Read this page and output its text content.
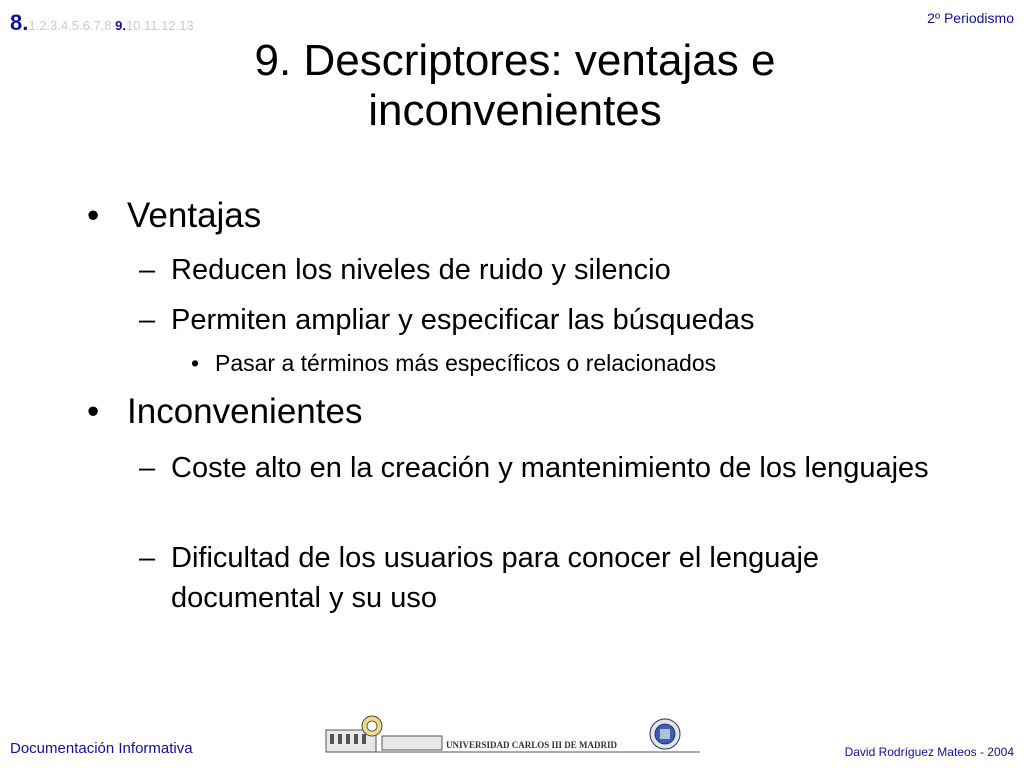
8.1.2.3.4.5.6.7.8 9.10.11.12.13	2º Periodismo
9. Descriptores: ventajas e inconvenientes
• Ventajas
– Reducen los niveles de ruido y silencio
– Permiten ampliar y especificar las búsquedas
• Pasar a términos más específicos o relacionados
• Inconvenientes
– Coste alto en la creación y mantenimiento de los lenguajes
– Dificultad de los usuarios para conocer el lenguaje documental y su uso
Documentación Informativa	UNIVERSIDAD CARLOS III DE MADRID	David Rodríguez Mateos - 2004
